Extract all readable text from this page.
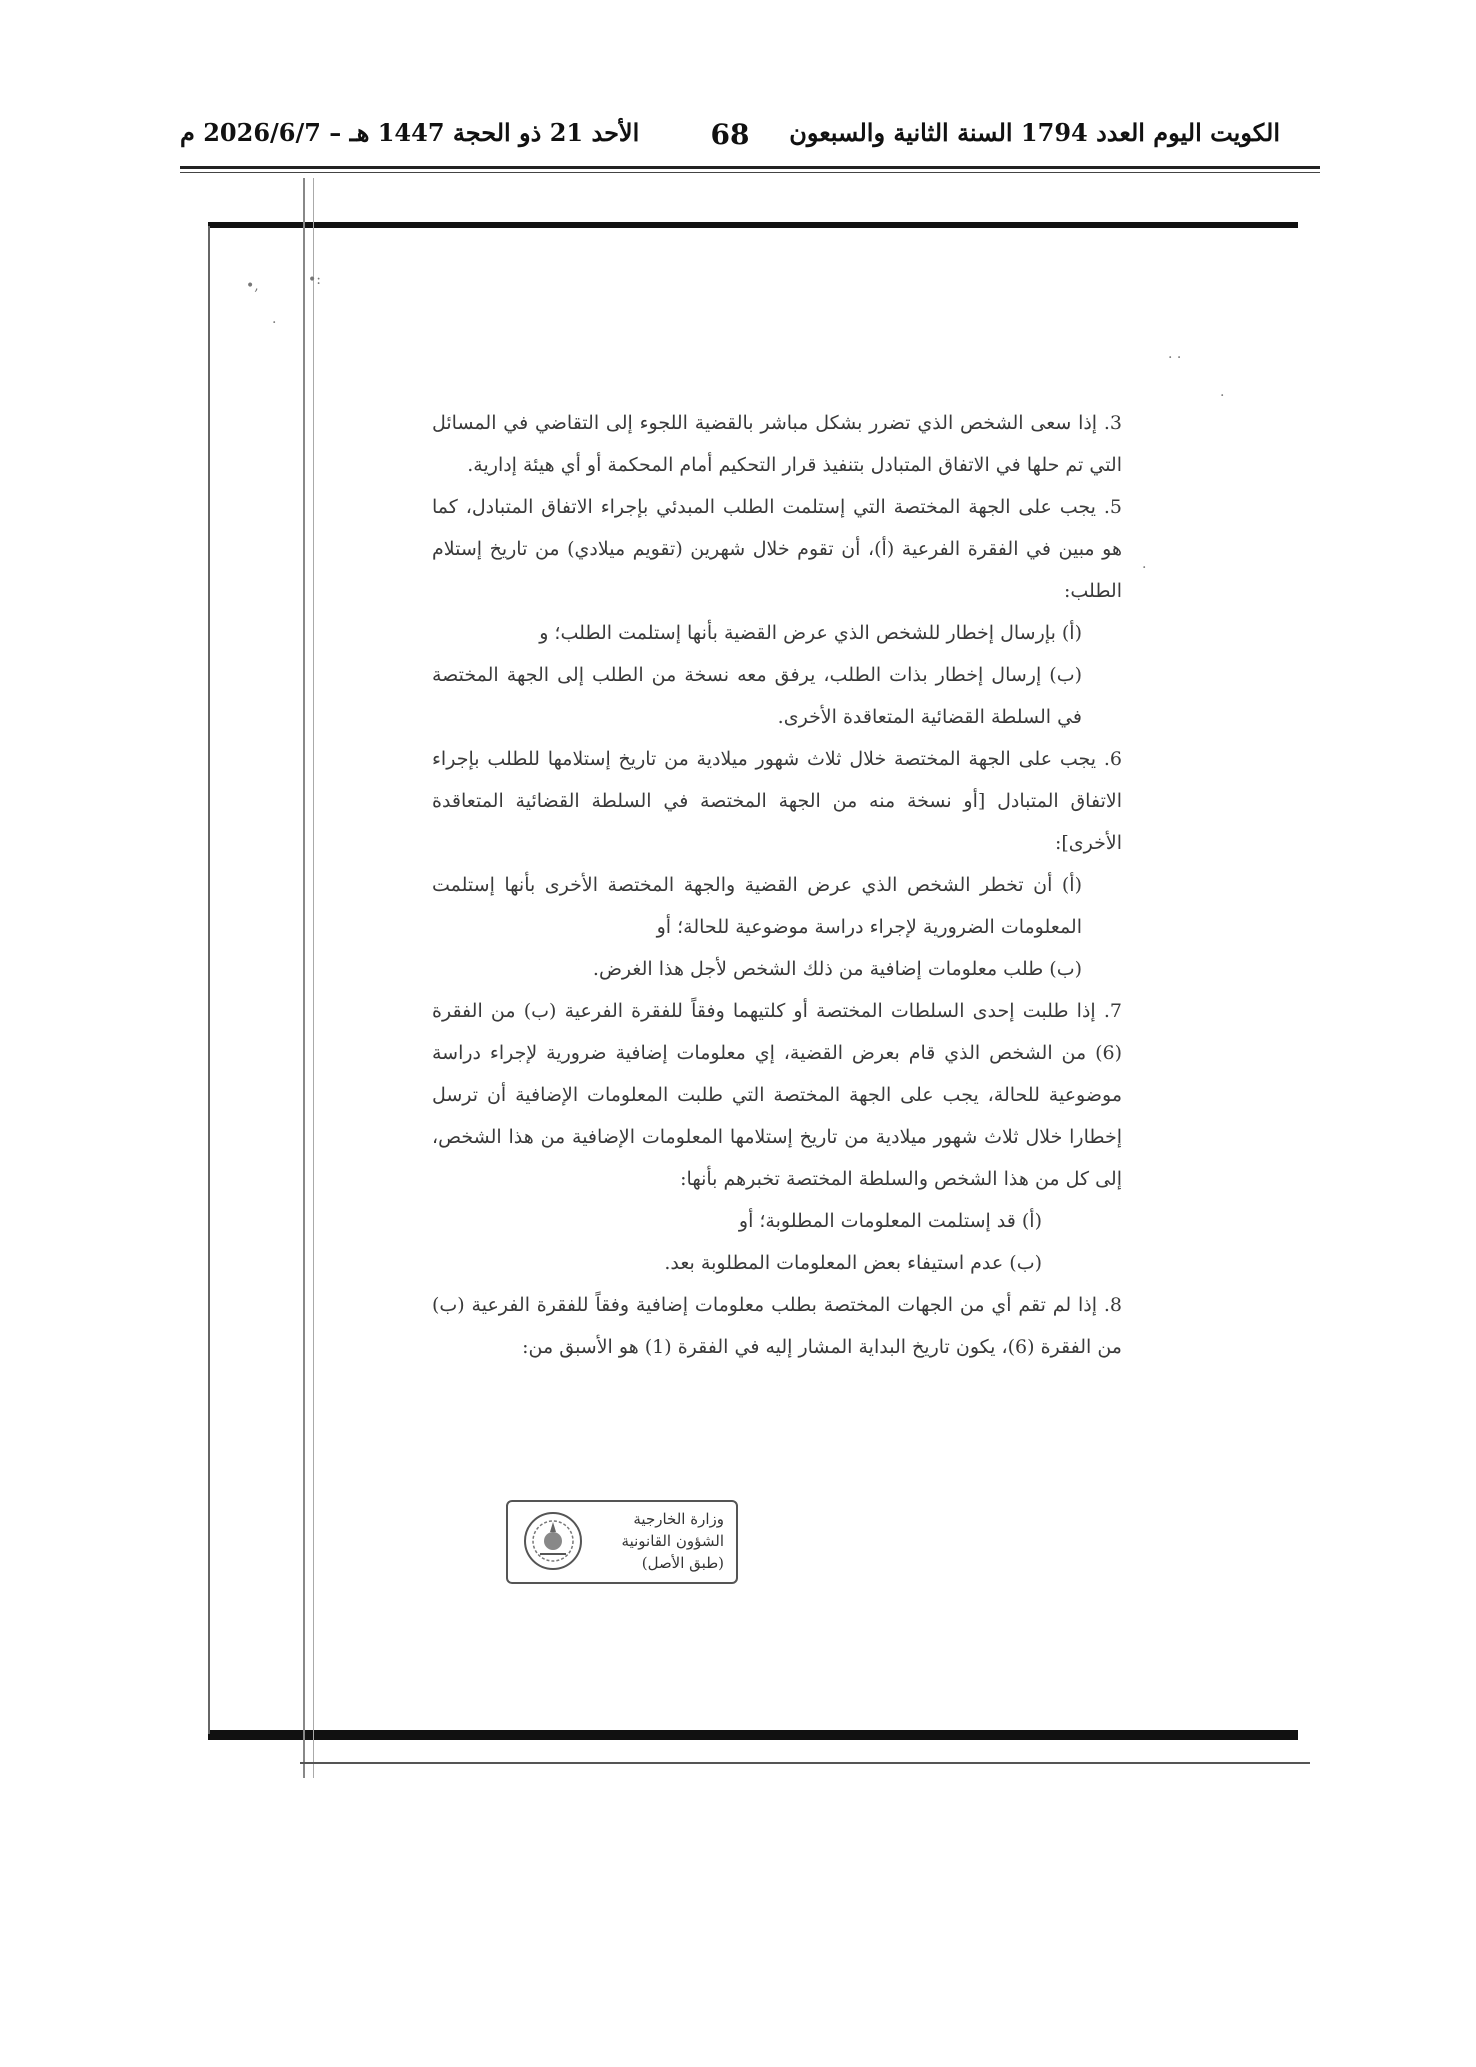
الكويت اليوم العدد 1794 السنة الثانية والسبعون
68
الأحد 21 ذو الحجة 1447 هـ – 2026/6/7 م
•,	•:
·
· ·
·
·

3. إذا سعى الشخص الذي تضرر بشكل مباشر بالقضية اللجوء إلى التقاضي في المسائل التي تم حلها في الاتفاق المتبادل بتنفيذ قرار التحكيم أمام المحكمة أو أي هيئة إدارية.

5. يجب على الجهة المختصة التي إستلمت الطلب المبدئي بإجراء الاتفاق المتبادل، كما هو مبين في الفقرة الفرعية (أ)، أن تقوم خلال شهرين (تقويم ميلادي) من تاريخ إستلام الطلب:

(أ) بإرسال إخطار للشخص الذي عرض القضية بأنها إستلمت الطلب؛ و

(ب) إرسال إخطار بذات الطلب، يرفق معه نسخة من الطلب إلى الجهة المختصة في السلطة القضائية المتعاقدة الأخرى.

6. يجب على الجهة المختصة خلال ثلاث شهور ميلادية من تاريخ إستلامها للطلب بإجراء الاتفاق المتبادل [أو نسخة منه من الجهة المختصة في السلطة القضائية المتعاقدة الأخرى]:

(أ) أن تخطر الشخص الذي عرض القضية والجهة المختصة الأخرى بأنها إستلمت المعلومات الضرورية لإجراء دراسة موضوعية للحالة؛ أو

(ب) طلب معلومات إضافية من ذلك الشخص لأجل هذا الغرض.

7. إذا طلبت إحدى السلطات المختصة أو كلتيهما وفقاً للفقرة الفرعية (ب) من الفقرة (6) من الشخص الذي قام بعرض القضية، إي معلومات إضافية ضرورية لإجراء دراسة موضوعية للحالة، يجب على الجهة المختصة التي طلبت المعلومات الإضافية أن ترسل إخطارا خلال ثلاث شهور ميلادية من تاريخ إستلامها المعلومات الإضافية من هذا الشخص، إلى كل من هذا الشخص والسلطة المختصة تخبرهم بأنها:

(أ) قد إستلمت المعلومات المطلوبة؛ أو

(ب) عدم استيفاء بعض المعلومات المطلوبة بعد.

8. إذا لم تقم أي من الجهات المختصة بطلب معلومات إضافية وفقاً للفقرة الفرعية (ب) من الفقرة (6)، يكون تاريخ البداية المشار إليه في الفقرة (1) هو الأسبق من:

وزارة الخارجية
الشؤون القانونية
(طبق الأصل)
